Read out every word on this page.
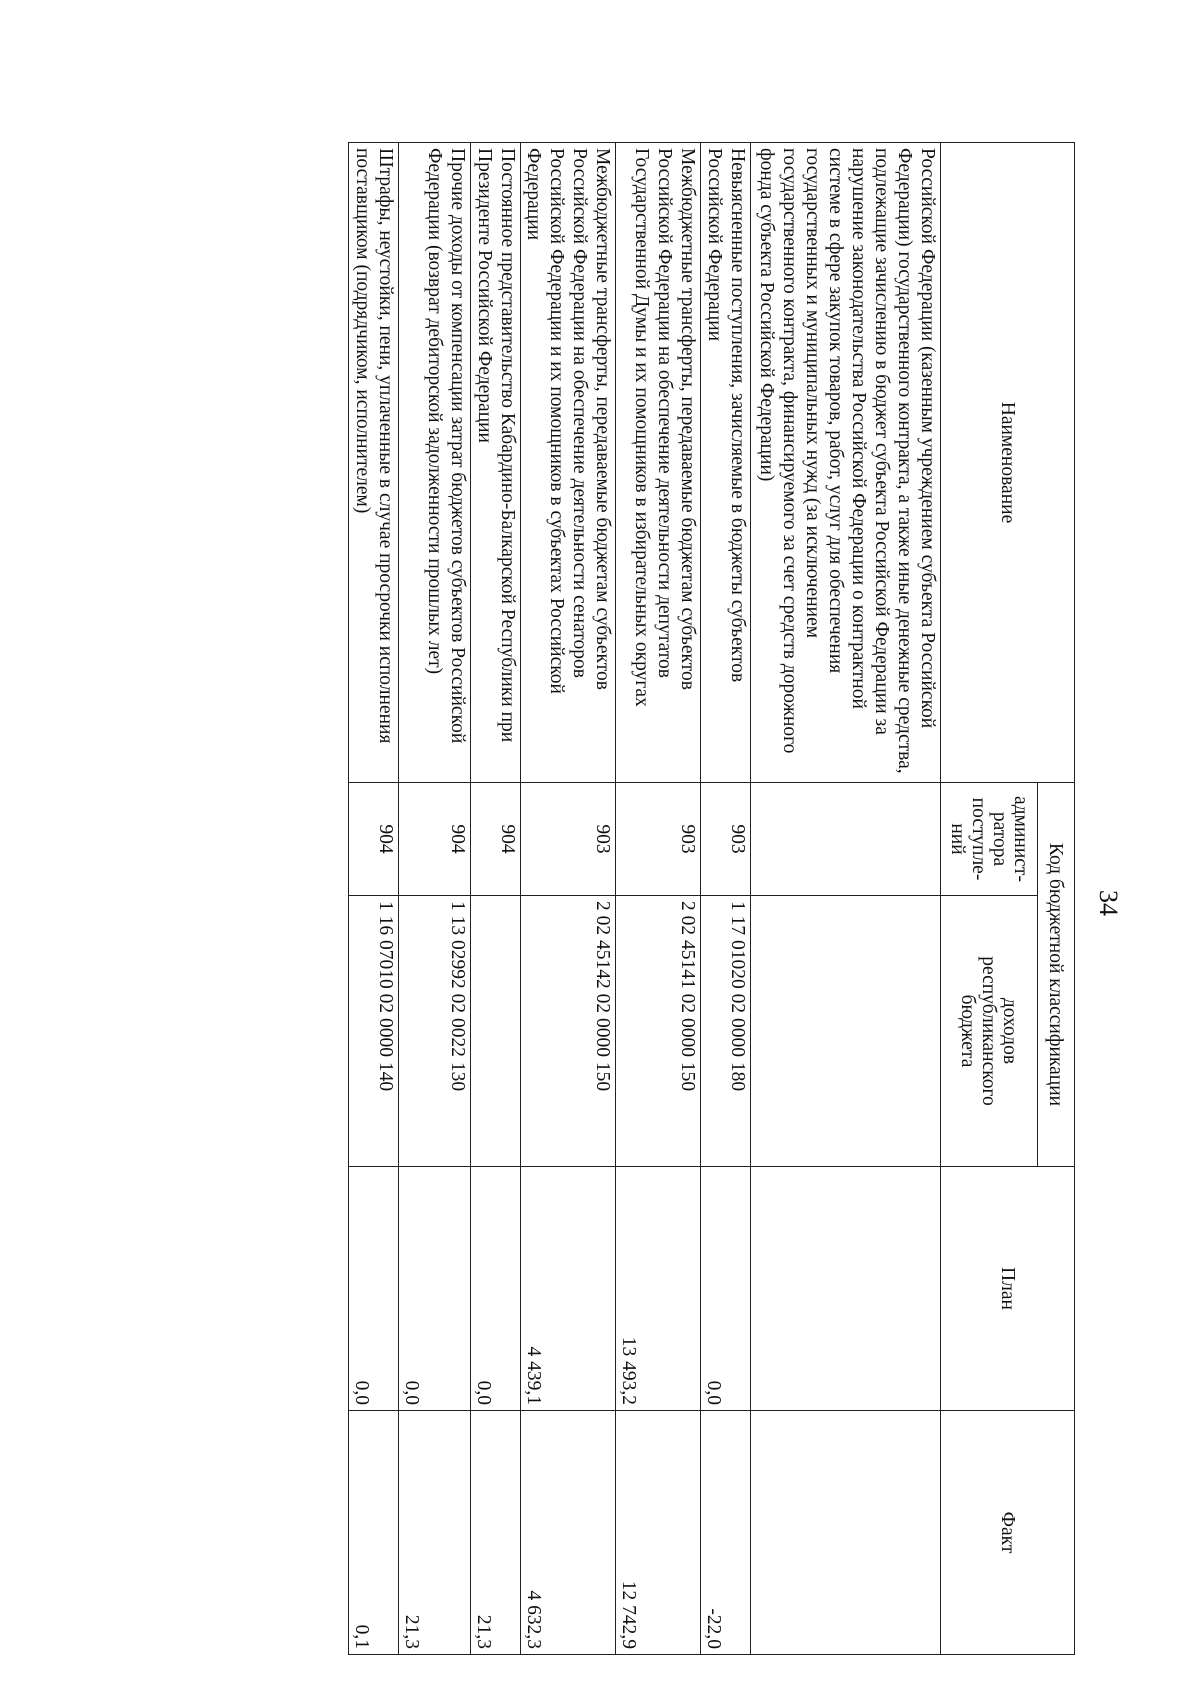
34
Наименование	Код бюджетной классификации		План	Факт
	админист-
ратора
поступле-
ний	доходов
республиканского
бюджета		
Российской Федерации (казенным учреждением субъекта Российской Федерации) государственного контракта, а также иные денежные средства, подлежащие зачислению в бюджет субъекта Российской Федерации за нарушение законодательства Российской Федерации о контрактной системе в сфере закупок товаров, работ, услуг для обеспечения государственных и муниципальных нужд (за исключением государственного контракта, финансируемого за счет средств дорожного фонда субъекта Российской Федерации)				
Невыясненные поступления, зачисляемые в бюджеты субъектов Российской Федерации	903	1 17 01020 02 0000 180	0,0	-22,0
Межбюджетные трансферты, передаваемые бюджетам субъектов Российской Федерации на обеспечение деятельности депутатов Государственной Думы и их помощников в избирательных округах	903	2 02 45141 02 0000 150	13 493,2	12 742,9
Межбюджетные трансферты, передаваемые бюджетам субъектов Российской Федерации на обеспечение деятельности сенаторов Российской Федерации и их помощников в субъектах Российской Федерации	903	2 02 45142 02 0000 150	4 439,1	4 632,3
Постоянное представительство Кабардино-Балкарской Республики при Президенте Российской Федерации	904		0,0	21,3
Прочие доходы от компенсации затрат бюджетов субъектов Российской Федерации (возврат дебиторской задолженности прошлых лет)	904	1 13 02992 02 0022 130	0,0	21,3
Штрафы, неустойки, пени, уплаченные в случае просрочки исполнения поставщиком (подрядчиком, исполнителем)	904	1 16 07010 02 0000 140	0,0	0,1
